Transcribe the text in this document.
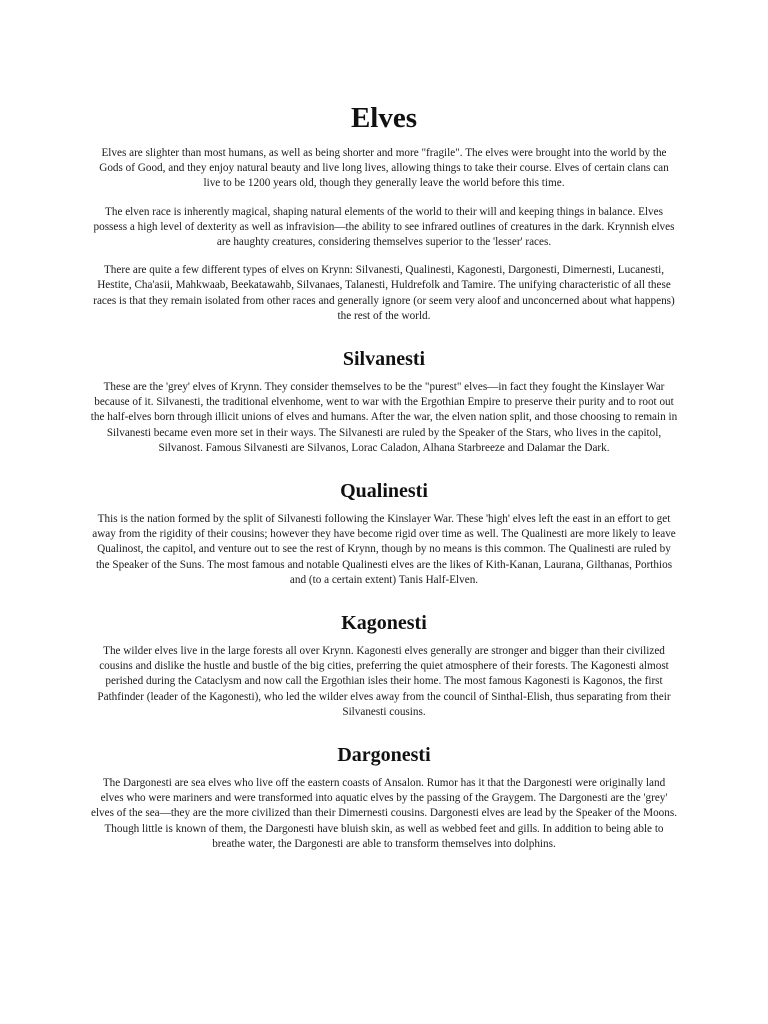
Elves

Elves are slighter than most humans, as well as being shorter and more "fragile". The elves were brought into the world by the Gods of Good, and they enjoy natural beauty and live long lives, allowing things to take their course. Elves of certain clans can live to be 1200 years old, though they generally leave the world before this time.

The elven race is inherently magical, shaping natural elements of the world to their will and keeping things in balance. Elves possess a high level of dexterity as well as infravision—the ability to see infrared outlines of creatures in the dark. Krynnish elves are haughty creatures, considering themselves superior to the 'lesser' races.

There are quite a few different types of elves on Krynn: Silvanesti, Qualinesti, Kagonesti, Dargonesti, Dimernesti, Lucanesti, Hestite, Cha'asii, Mahkwaab, Beekatawahb, Silvanaes, Talanesti, Huldrefolk and Tamire. The unifying characteristic of all these races is that they remain isolated from other races and generally ignore (or seem very aloof and unconcerned about what happens) the rest of the world.

Silvanesti

These are the 'grey' elves of Krynn. They consider themselves to be the "purest" elves—in fact they fought the Kinslayer War because of it. Silvanesti, the traditional elvenhome, went to war with the Ergothian Empire to preserve their purity and to root out the half-elves born through illicit unions of elves and humans. After the war, the elven nation split, and those choosing to remain in Silvanesti became even more set in their ways. The Silvanesti are ruled by the Speaker of the Stars, who lives in the capitol, Silvanost. Famous Silvanesti are Silvanos, Lorac Caladon, Alhana Starbreeze and Dalamar the Dark.

Qualinesti

This is the nation formed by the split of Silvanesti following the Kinslayer War. These 'high' elves left the east in an effort to get away from the rigidity of their cousins; however they have become rigid over time as well. The Qualinesti are more likely to leave Qualinost, the capitol, and venture out to see the rest of Krynn, though by no means is this common. The Qualinesti are ruled by the Speaker of the Suns. The most famous and notable Qualinesti elves are the likes of Kith-Kanan, Laurana, Gilthanas, Porthios and (to a certain extent) Tanis Half-Elven.

Kagonesti

The wilder elves live in the large forests all over Krynn. Kagonesti elves generally are stronger and bigger than their civilized cousins and dislike the hustle and bustle of the big cities, preferring the quiet atmosphere of their forests. The Kagonesti almost perished during the Cataclysm and now call the Ergothian isles their home. The most famous Kagonesti is Kagonos, the first Pathfinder (leader of the Kagonesti), who led the wilder elves away from the council of Sinthal-Elish, thus separating from their Silvanesti cousins.

Dargonesti

The Dargonesti are sea elves who live off the eastern coasts of Ansalon. Rumor has it that the Dargonesti were originally land elves who were mariners and were transformed into aquatic elves by the passing of the Graygem. The Dargonesti are the 'grey' elves of the sea—they are the more civilized than their Dimernesti cousins. Dargonesti elves are lead by the Speaker of the Moons. Though little is known of them, the Dargonesti have bluish skin, as well as webbed feet and gills. In addition to being able to breathe water, the Dargonesti are able to transform themselves into dolphins.
